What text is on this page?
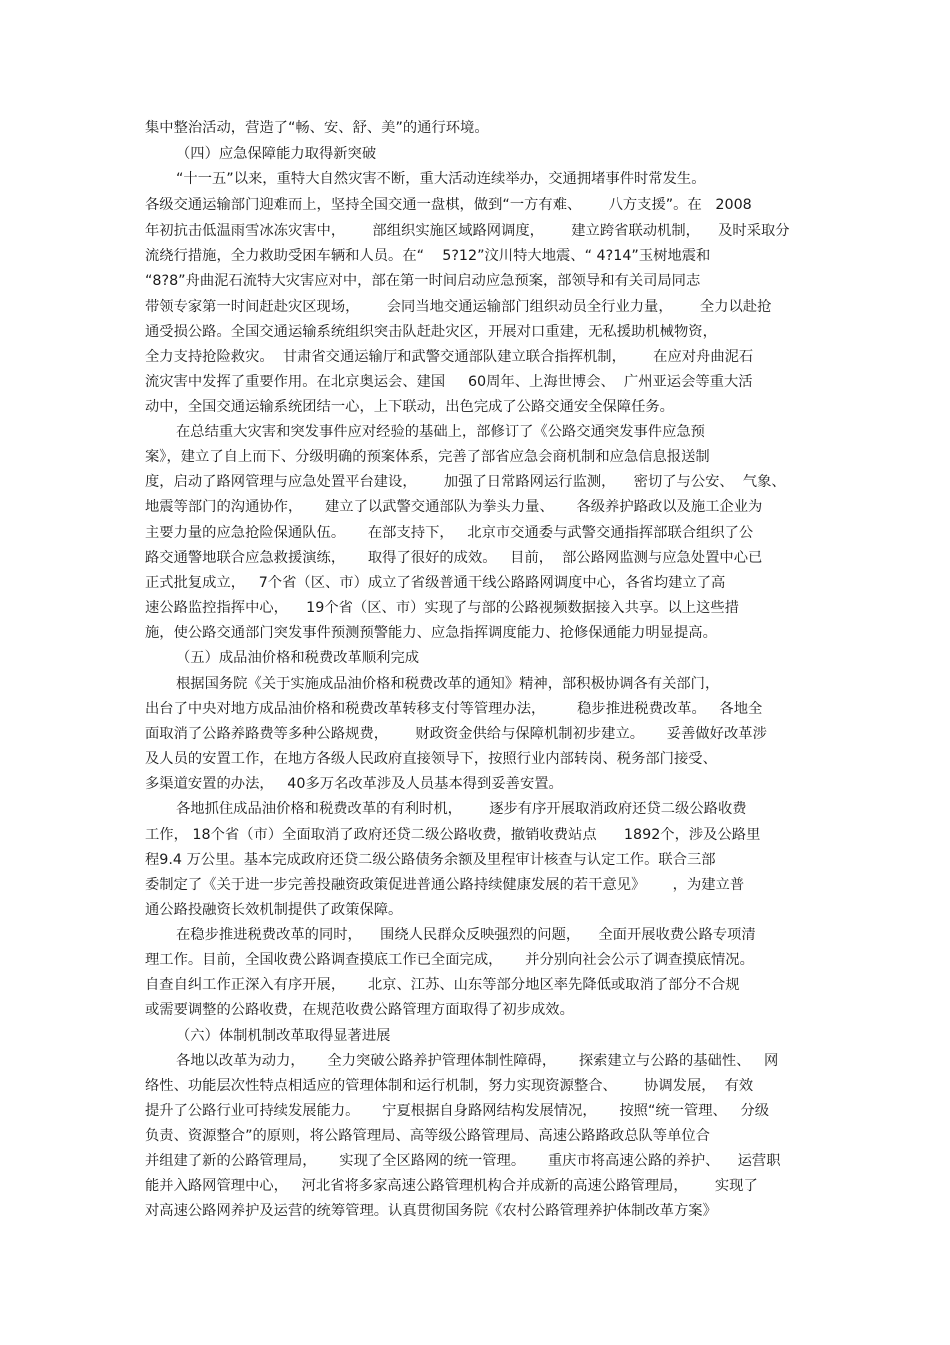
集中整治活动，营造了“畅、安、舒、美”的通行环境。

（四）应急保障能力取得新突破

“十一五”以来，重特大自然灾害不断，重大活动连续举办，交通拥堵事件时常发生。

各级交通运输部门迎难而上，坚持全国交通一盘棋，做到“一方有难、      八方支援”。在   2008

年初抗击低温雨雪冰冻灾害中，      部组织实施区域路网调度，      建立跨省联动机制，    及时采取分

流绕行措施，全力救助受困车辆和人员。在“    5?12”汶川特大地震、“ 4?14”玉树地震和

“8?8”舟曲泥石流特大灾害应对中，部在第一时间启动应急预案，部领导和有关司局同志

带领专家第一时间赶赴灾区现场，      会同当地交通运输部门组织动员全行业力量，      全力以赴抢

通受损公路。全国交通运输系统组织突击队赶赴灾区，开展对口重建，无私援助机械物资，

全力支持抢险救灾。  甘肃省交通运输厅和武警交通部队建立联合指挥机制，      在应对舟曲泥石

流灾害中发挥了重要作用。在北京奥运会、建国     60周年、上海世博会、  广州亚运会等重大活

动中，全国交通运输系统团结一心，上下联动，出色完成了公路交通安全保障任务。

在总结重大灾害和突发事件应对经验的基础上，部修订了《公路交通突发事件应急预

案》，建立了自上而下、分级明确的预案体系，完善了部省应急会商机制和应急信息报送制

度，启动了路网管理与应急处置平台建设，      加强了日常路网运行监测，    密切了与公安、  气象、

地震等部门的沟通协作，     建立了以武警交通部队为拳头力量、     各级养护路政以及施工企业为

主要力量的应急抢险保通队伍。     在部支持下，   北京市交通委与武警交通指挥部联合组织了公

路交通警地联合应急救援演练，     取得了很好的成效。   目前，  部公路网监测与应急处置中心已

正式批复成立，   7个省（区、市）成立了省级普通干线公路路网调度中心，各省均建立了高

速公路监控指挥中心，    19个省（区、市）实现了与部的公路视频数据接入共享。以上这些措

施，使公路交通部门突发事件预测预警能力、应急指挥调度能力、抢修保通能力明显提高。

（五）成品油价格和税费改革顺利完成

根据国务院《关于实施成品油价格和税费改革的通知》精神，部积极协调各有关部门，

出台了中央对地方成品油价格和税费改革转移支付等管理办法，       稳步推进税费改革。   各地全

面取消了公路养路费等多种公路规费，      财政资金供给与保障机制初步建立。     妥善做好改革涉

及人员的安置工作，在地方各级人民政府直接领导下，按照行业内部转岗、税务部门接受、

多渠道安置的办法，   40多万名改革涉及人员基本得到妥善安置。

各地抓住成品油价格和税费改革的有利时机，      逐步有序开展取消政府还贷二级公路收费

工作， 18个省（市）全面取消了政府还贷二级公路收费，撤销收费站点      1892个，涉及公路里

程9.4 万公里。基本完成政府还贷二级公路债务余额及里程审计核查与认定工作。联合三部

委制定了《关于进一步完善投融资政策促进普通公路持续健康发展的若干意见》      ，为建立普

通公路投融资长效机制提供了政策保障。

在稳步推进税费改革的同时，    围绕人民群众反映强烈的问题，    全面开展收费公路专项清

理工作。目前，全国收费公路调查摸底工作已全面完成，     并分别向社会公示了调查摸底情况。

自查自纠工作正深入有序开展，     北京、江苏、山东等部分地区率先降低或取消了部分不合规

或需要调整的公路收费，在规范收费公路管理方面取得了初步成效。

（六）体制机制改革取得显著进展

各地以改革为动力，     全力突破公路养护管理体制性障碍，     探索建立与公路的基础性、   网

络性、功能层次性特点相适应的管理体制和运行机制，努力实现资源整合、      协调发展，  有效

提升了公路行业可持续发展能力。     宁夏根据自身路网结构发展情况，     按照“统一管理、   分级

负责、资源整合”的原则，将公路管理局、高等级公路管理局、高速公路路政总队等单位合

并组建了新的公路管理局，     实现了全区路网的统一管理。     重庆市将高速公路的养护、    运营职

能并入路网管理中心，   河北省将多家高速公路管理机构合并成新的高速公路管理局，      实现了

对高速公路网养护及运营的统筹管理。认真贯彻国务院《农村公路管理养护体制改革方案》
